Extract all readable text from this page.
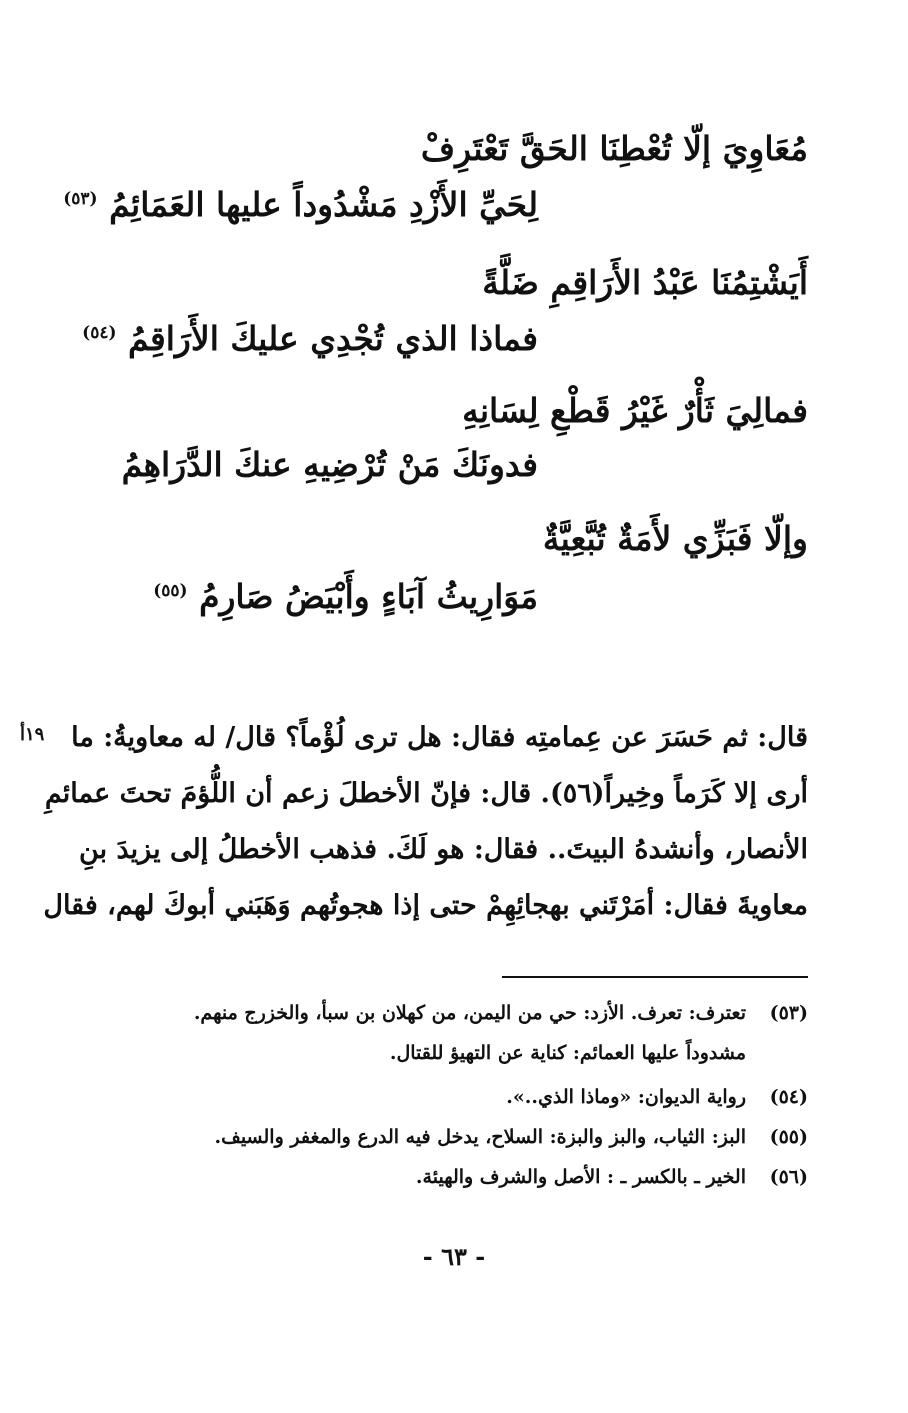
مُعَاوِيَ إلّا تُعْطِنَا الحَقَّ تَعْتَرِفْ
لِحَيِّ الأَزْدِ مَشْدُوداً عليها العَمَائِمُ $^{(٥٣)}$
أَيَشْتِمُنَا عَبْدُ الأَرَاقِمِ ضَلَّةً
فماذا الذي تُجْدِي عليكَ الأَرَاقِمُ $^{(٥٤)}$
فمالِيَ ثَأْرٌ غَيْرُ قَطْعِ لِسَانِهِ
فدونَكَ مَنْ تُرْضِيهِ عنكَ الدَّرَاهِمُ
وإلّا فَبَزِّي لأَمَةٌ تُبَّعِيَّةٌ
مَوَارِيثُ آبَاءٍ وأَبْيَضُ صَارِمُ $^{(٥٥)}$
١٩أ قال: ثم حَسَرَ عن عِمامتِه فقال: هل ترى لُؤْماً؟ قال/ له معاويةُ: ما
أرى إلا كَرَماً وخِيراً(٥٦). قال: فإنّ الأخطلَ زعم أن اللُّؤمَ تحتَ عمائمِ
الأنصار، وأنشدهُ البيتَ.. فقال: هو لَكَ. فذهب الأخطلُ إلى يزيدَ بنِ
معاويةَ فقال: أمَرْتَني بهجائِهِمْ حتى إذا هجوتُهم وَهَبَني أبوكَ لهم، فقال
(٥٣)تعترف: تعرف. الأزد: حي من اليمن، من كهلان بن سبأ، والخزرج منهم.
مشدوداً عليها العمائم: كناية عن التهيؤ للقتال.
(٥٤)رواية الديوان: «وماذا الذي..».
(٥٥)البز: الثياب، والبز والبزة: السلاح، يدخل فيه الدرع والمغفر والسيف.
(٥٦)الخير ـ بالكسر ـ : الأصل والشرف والهيئة.
- ٦٣ -
